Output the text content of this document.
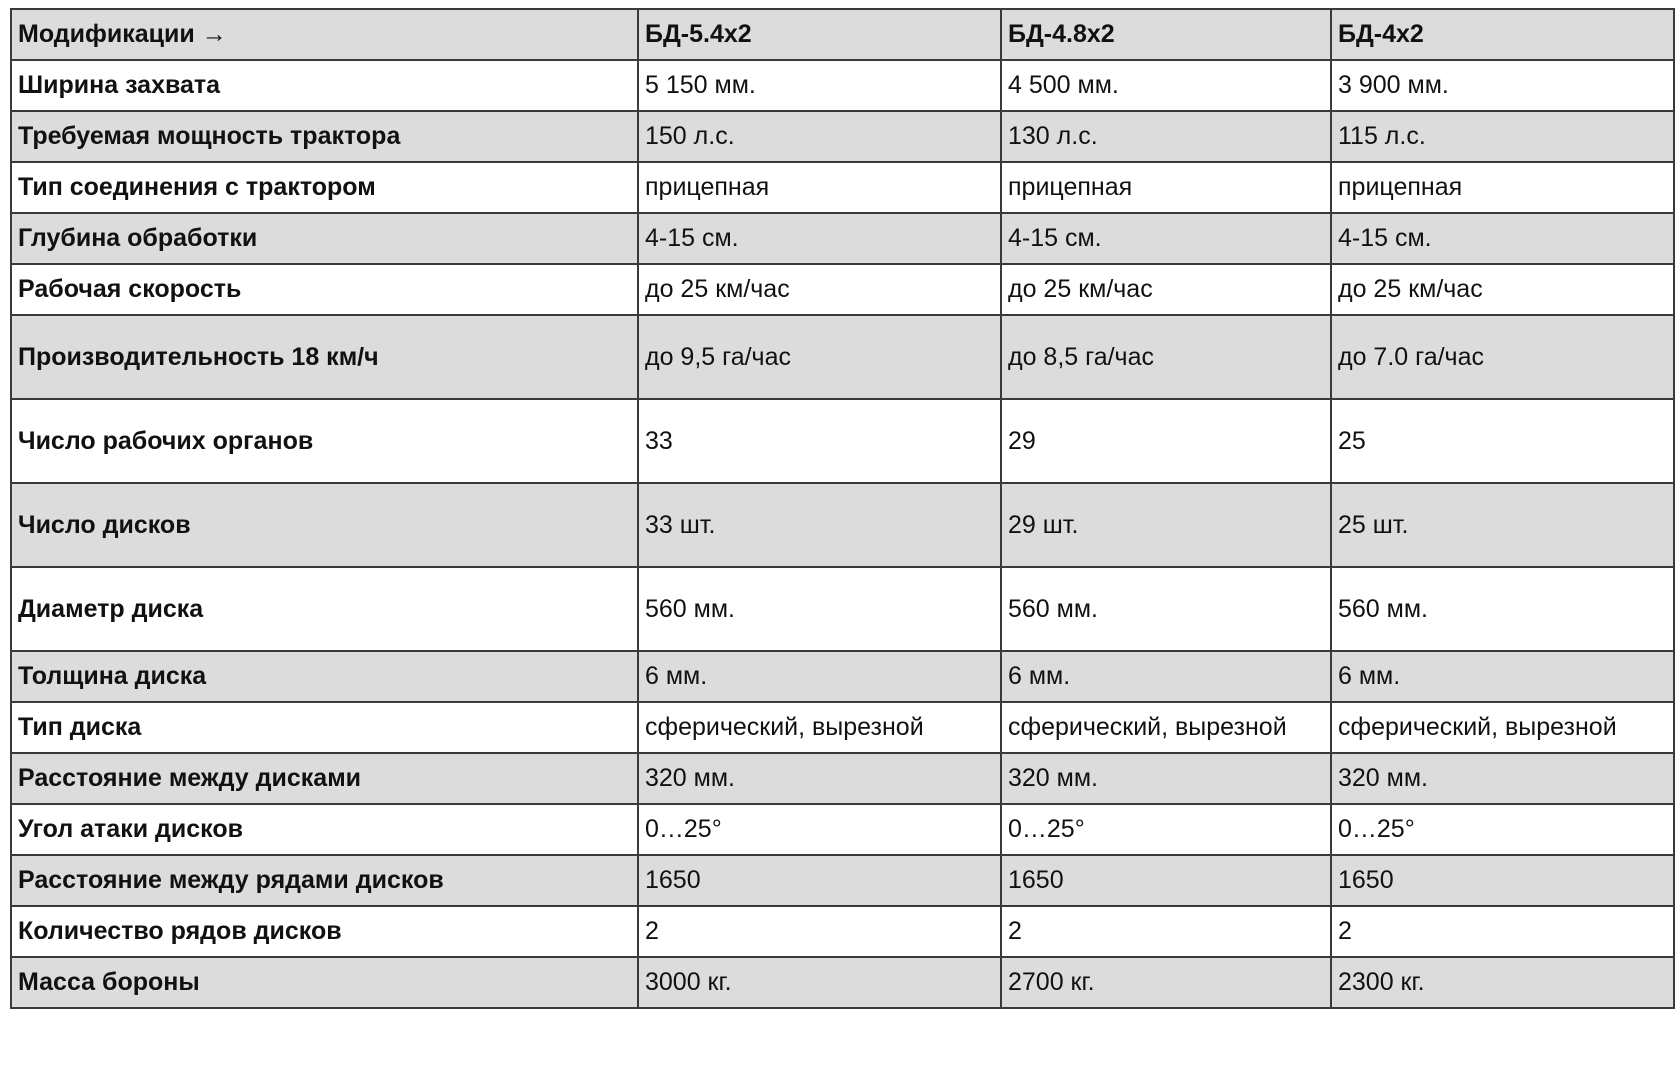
Модификации →	БД-5.4х2	БД-4.8х2	БД-4х2
Ширина захвата	5 150 мм.	4 500 мм.	3 900 мм.
Требуемая мощность трактора	150 л.с.	130 л.с.	115 л.с.
Тип соединения с трактором	прицепная	прицепная	прицепная
Глубина обработки	4-15 см.	4-15 см.	4-15 см.
Рабочая скорость	до 25 км/час	до 25 км/час	до 25 км/час
Производительность 18 км/ч	до 9,5 га/час	до 8,5 га/час	до 7.0 га/час
Число рабочих органов	33	29	25
Число дисков	33 шт.	29 шт.	25 шт.
Диаметр диска	560 мм.	560 мм.	560 мм.
Толщина диска	6 мм.	6 мм.	6 мм.
Тип диска	сферический, вырезной	сферический, вырезной	сферический, вырезной
Расстояние между дисками	320 мм.	320 мм.	320 мм.
Угол атаки дисков	0…25°	0…25°	0…25°
Расстояние между рядами дисков	1650	1650	1650
Количество рядов дисков	2	2	2
Масса бороны	3000 кг.	2700 кг.	2300 кг.
